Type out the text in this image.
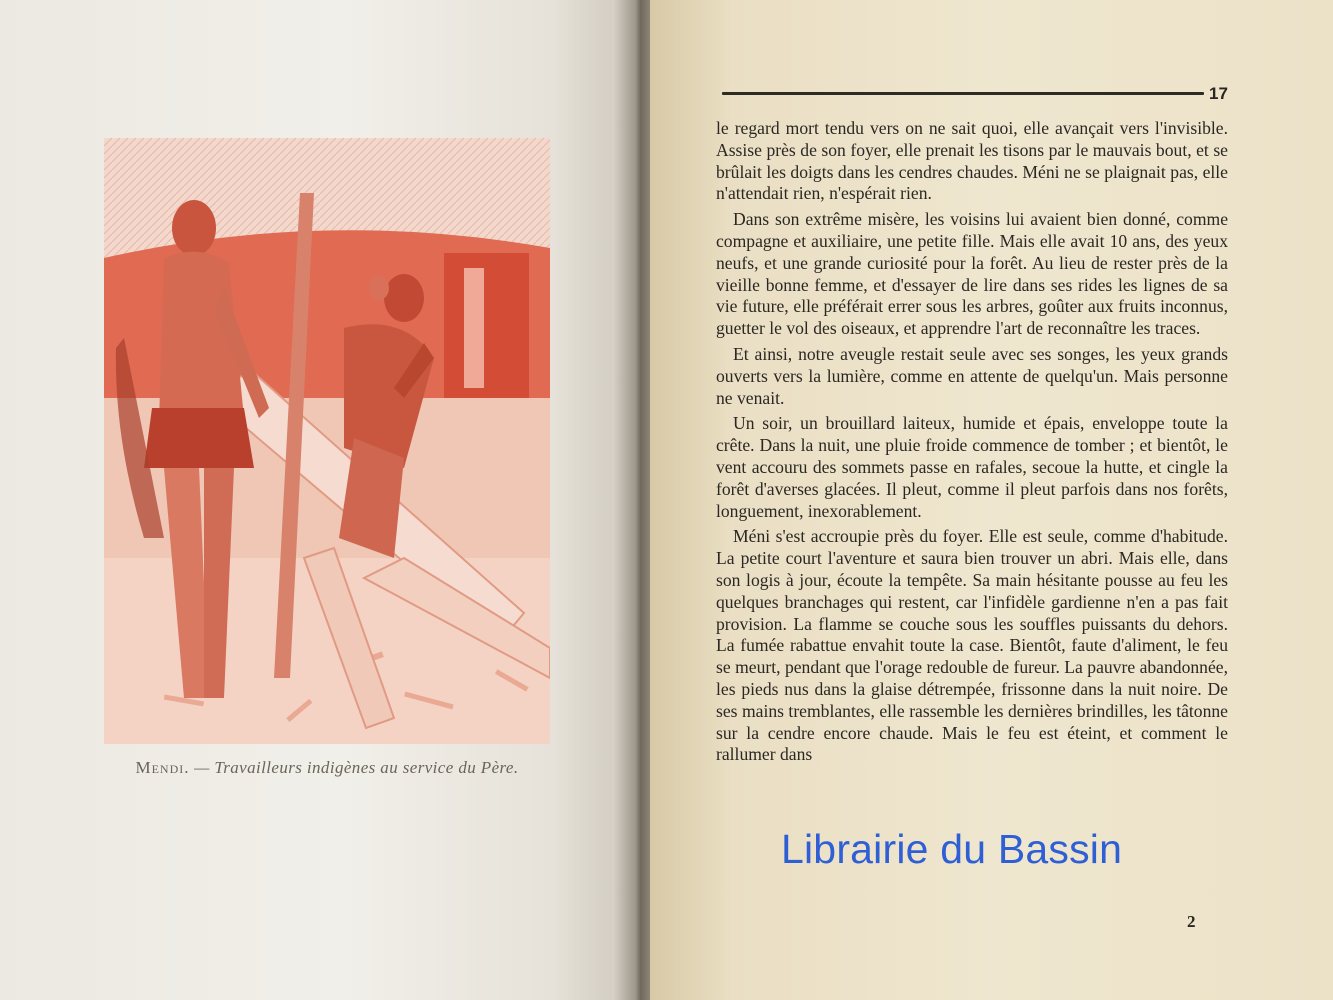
Mendi. — Travailleurs indigènes au service du Père.
17

le regard mort tendu vers on ne sait quoi, elle avançait vers l'invisible. Assise près de son foyer, elle prenait les tisons par le mauvais bout, et se brûlait les doigts dans les cendres chaudes. Méni ne se plaignait pas, elle n'attendait rien, n'espérait rien.

Dans son extrême misère, les voisins lui avaient bien donné, comme compagne et auxiliaire, une petite fille. Mais elle avait 10 ans, des yeux neufs, et une grande curiosité pour la forêt. Au lieu de rester près de la vieille bonne femme, et d'essayer de lire dans ses rides les lignes de sa vie future, elle préférait errer sous les arbres, goûter aux fruits inconnus, guetter le vol des oiseaux, et apprendre l'art de reconnaître les traces.

Et ainsi, notre aveugle restait seule avec ses songes, les yeux grands ouverts vers la lumière, comme en attente de quelqu'un. Mais personne ne venait.

Un soir, un brouillard laiteux, humide et épais, enveloppe toute la crête. Dans la nuit, une pluie froide commence de tomber ; et bientôt, le vent accouru des sommets passe en rafales, secoue la hutte, et cingle la forêt d'averses glacées. Il pleut, comme il pleut parfois dans nos forêts, longuement, inexorablement.

Méni s'est accroupie près du foyer. Elle est seule, comme d'habitude. La petite court l'aventure et saura bien trouver un abri. Mais elle, dans son logis à jour, écoute la tempête. Sa main hésitante pousse au feu les quelques branchages qui restent, car l'infidèle gardienne n'en a pas fait provision. La flamme se couche sous les souffles puissants du dehors. La fumée rabattue envahit toute la case. Bientôt, faute d'aliment, le feu se meurt, pendant que l'orage redouble de fureur. La pauvre abandonnée, les pieds nus dans la glaise détrempée, frissonne dans la nuit noire. De ses mains tremblantes, elle rassemble les dernières brindilles, les tâtonne sur la cendre encore chaude. Mais le feu est éteint, et comment le rallumer dans

2
Librairie du Bassin
